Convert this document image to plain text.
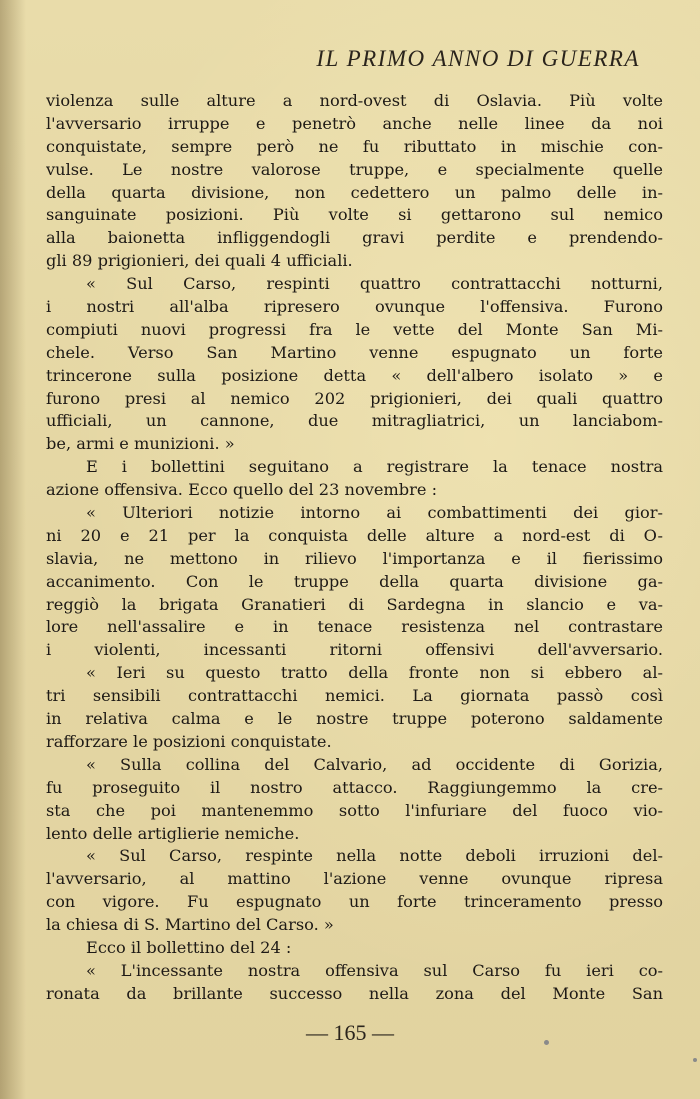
IL PRIMO ANNO DI GUERRA
violenza sulle alture a nord-ovest di Oslavia. Più volte
l'avversario irruppe e penetrò anche nelle linee da noi
conquistate, sempre però ne fu ributtato in mischie con-
vulse. Le nostre valorose truppe, e specialmente quelle
della quarta divisione, non cedettero un palmo delle in-
sanguinate posizioni. Più volte si gettarono sul nemico
alla baionetta infliggendogli gravi perdite e prendendo-
gli 89 prigionieri, dei quali 4 ufficiali.
« Sul Carso, respinti quattro contrattacchi notturni,
i nostri all'alba ripresero ovunque l'offensiva. Furono
compiuti nuovi progressi fra le vette del Monte San Mi-
chele. Verso San Martino venne espugnato un forte
trincerone sulla posizione detta « dell'albero isolato » e
furono presi al nemico 202 prigionieri, dei quali quattro
ufficiali, un cannone, due mitragliatrici, un lanciabom-
be, armi e munizioni. »
E i bollettini seguitano a registrare la tenace nostra
azione offensiva. Ecco quello del 23 novembre :
« Ulteriori notizie intorno ai combattimenti dei gior-
ni 20 e 21 per la conquista delle alture a nord-est di O-
slavia, ne mettono in rilievo l'importanza e il fierissimo
accanimento. Con le truppe della quarta divisione ga-
reggiò la brigata Granatieri di Sardegna in slancio e va-
lore nell'assalire e in tenace resistenza nel contrastare
i violenti, incessanti ritorni offensivi dell'avversario.
« Ieri su questo tratto della fronte non si ebbero al-
tri sensibili contrattacchi nemici. La giornata passò così
in relativa calma e le nostre truppe poterono saldamente
rafforzare le posizioni conquistate.
« Sulla collina del Calvario, ad occidente di Gorizia,
fu proseguito il nostro attacco. Raggiungemmo la cre-
sta che poi mantenemmo sotto l'infuriare del fuoco vio-
lento delle artiglierie nemiche.
« Sul Carso, respinte nella notte deboli irruzioni del-
l'avversario, al mattino l'azione venne ovunque ripresa
con vigore. Fu espugnato un forte trinceramento presso
la chiesa di S. Martino del Carso. »
Ecco il bollettino del 24 :
« L'incessante nostra offensiva sul Carso fu ieri co-
ronata da brillante successo nella zona del Monte San
— 165 —
